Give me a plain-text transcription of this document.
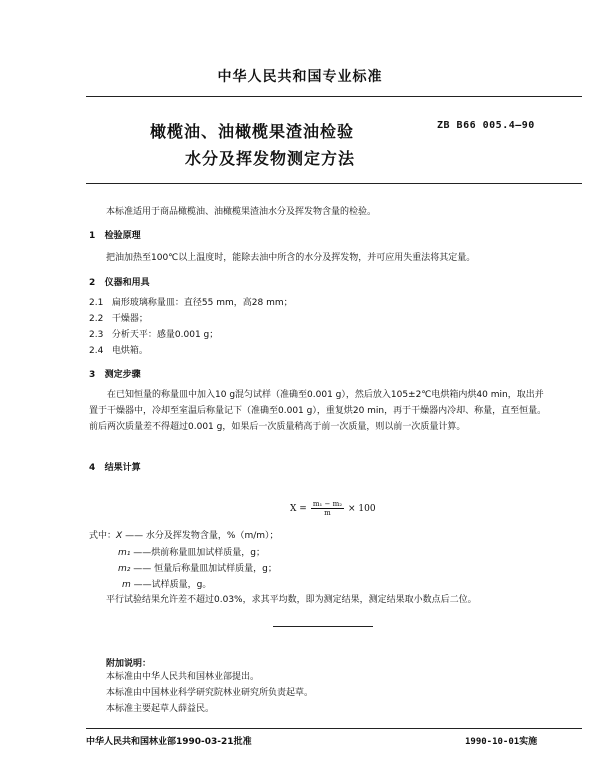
中华人民共和国专业标准
橄榄油、油橄榄果渣油检验
水分及挥发物测定方法
ZB B66 005.4—90
本标准适用于商品橄榄油、油橄榄果渣油水分及挥发物含量的检验。
1 检验原理
把油加热至100℃以上温度时，能除去油中所含的水分及挥发物，并可应用失重法将其定量。
2 仪器和用具
2.1 扁形玻璃称量皿：直径55 mm，高28 mm；
2.2 干燥器；
2.3 分析天平：感量0.001 g；
2.4 电烘箱。
3 测定步骤
在已知恒量的称量皿中加入10 g混匀试样（准确至0.001 g），然后放入105±2℃电烘箱内烘40 min，取出并置于干燥器中，冷却至室温后称量记下（准确至0.001 g），重复烘20 min，再于干燥器内冷却、称量，直至恒量。前后两次质量差不得超过0.001 g，如果后一次质量稍高于前一次质量，则以前一次质量计算。
4 结果计算
$X = \frac{\text{m₁ − m₂}}{m} \times 100$
式中：X —— 水分及挥发物含量，%（m/m）；
m₁ ——烘前称量皿加试样质量，g；
m₂ —— 恒量后称量皿加试样质量，g；
m ——试样质量，g。
平行试验结果允许差不超过0.03%，求其平均数，即为测定结果，测定结果取小数点后二位。
附加说明：
本标准由中华人民共和国林业部提出。
本标准由中国林业科学研究院林业研究所负责起草。
本标准主要起草人薛益民。
中华人民共和国林业部1990-03-21批准	1990-10-01实施
